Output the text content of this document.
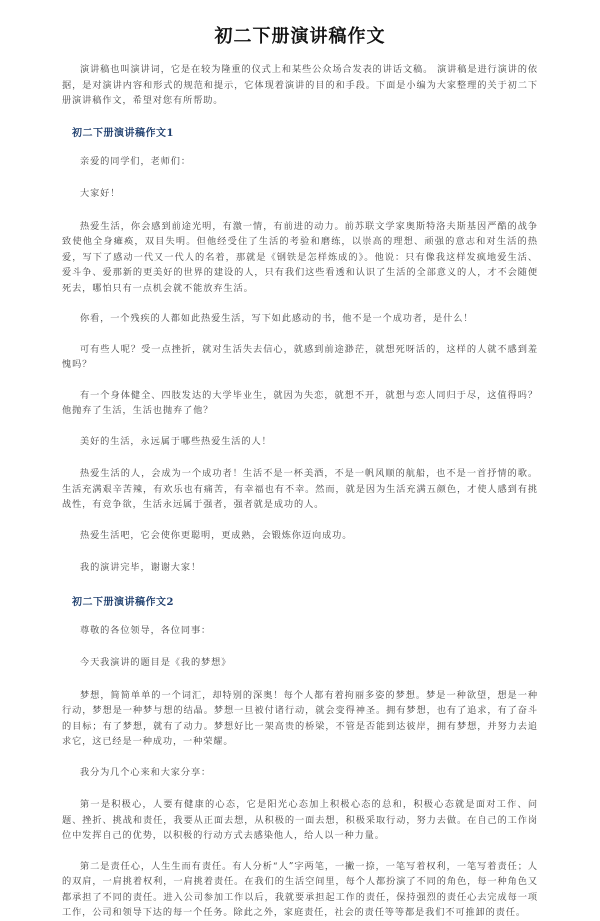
初二下册演讲稿作文

演讲稿也叫演讲词，它是在较为隆重的仪式上和某些公众场合发表的讲话文稿。 演讲稿是进行演讲的依据，是对演讲内容和形式的规范和提示，它体现着演讲的目的和手段。下面是小编为大家整理的关于初二下册演讲稿作文，希望对您有所帮助。

初二下册演讲稿作文1

亲爱的同学们，老师们：

大家好！

热爱生活，你会感到前途光明，有激一情，有前进的动力。前苏联文学家奥斯特洛夫斯基因严酷的战争致使他全身瘫痪，双目失明。但他经受住了生活的考验和磨练，以崇高的理想、顽强的意志和对生活的热爱，写下了感动一代又一代人的名着，那就是《钢铁是怎样炼成的》。他说：只有像我这样发疯地爱生活、爱斗争、爱那新的更美好的世界的建设的人，只有我们这些看透和认识了生活的全部意义的人，才不会随便死去，哪怕只有一点机会就不能放弃生活。

你看，一个残疾的人都如此热爱生活，写下如此感动的书，他不是一个成功者，是什么！

可有些人呢？受一点挫折，就对生活失去信心，就感到前途渺茫，就想死呀活的，这样的人就不感到羞愧吗？

有一个身体健全、四肢发达的大学毕业生，就因为失恋，就想不开，就想与恋人同归于尽，这值得吗？他抛弃了生活，生活也抛弃了他？

美好的生活，永远属于哪些热爱生活的人！

热爱生活的人，会成为一个成功者！生活不是一杯美酒，不是一帆风顺的航船，也不是一首抒情的歌。生活充满艰辛苦辣，有欢乐也有痛苦，有幸福也有不幸。然而，就是因为生活充满五颜色，才使人感到有挑战性，有竞争欲，生活永远属于强者，强者就是成功的人。

热爱生活吧，它会使你更聪明，更成熟，会锻炼你迈向成功。

我的演讲完毕，谢谢大家！

初二下册演讲稿作文2

尊敬的各位领导，各位同事：

今天我演讲的题目是《我的梦想》

梦想，简简单单的一个词汇，却特别的深奥！每个人都有着拘丽多姿的梦想。梦是一种欲望，想是一种行动，梦想是一种梦与想的结晶。梦想一旦被付诸行动，就会变得神圣。拥有梦想，也有了追求，有了奋斗的目标；有了梦想，就有了动力。梦想好比一架高贵的桥梁，不管是否能到达彼岸，拥有梦想，并努力去追求它，这已经是一种成功，一种荣耀。

我分为几个心来和大家分享：

第一是积极心，人要有健康的心态，它是阳光心态加上积极心态的总和，积极心态就是面对工作、问题、挫折、挑战和责任，我要从正面去想，从积极的一面去想，积极采取行动，努力去做。在自己的工作岗位中发挥自己的优势，以积极的行动方式去感染他人，给人以一种力量。

第二是责任心，人生生而有责任。有人分析“人”字两笔，一撇一捺，一笔写着权利，一笔写着责任；人的双肩，一肩挑着权利，一肩挑着责任。在我们的生活空间里，每个人都扮演了不同的角色，每一种角色又都承担了不同的责任。进入公司参加工作以后，我就要承担起工作的责任，保持强烈的责任心去完成每一项工作，公司和领导下达的每一个任务。除此之外，家庭责任，社会的责任等等都是我们不可推卸的责任。
